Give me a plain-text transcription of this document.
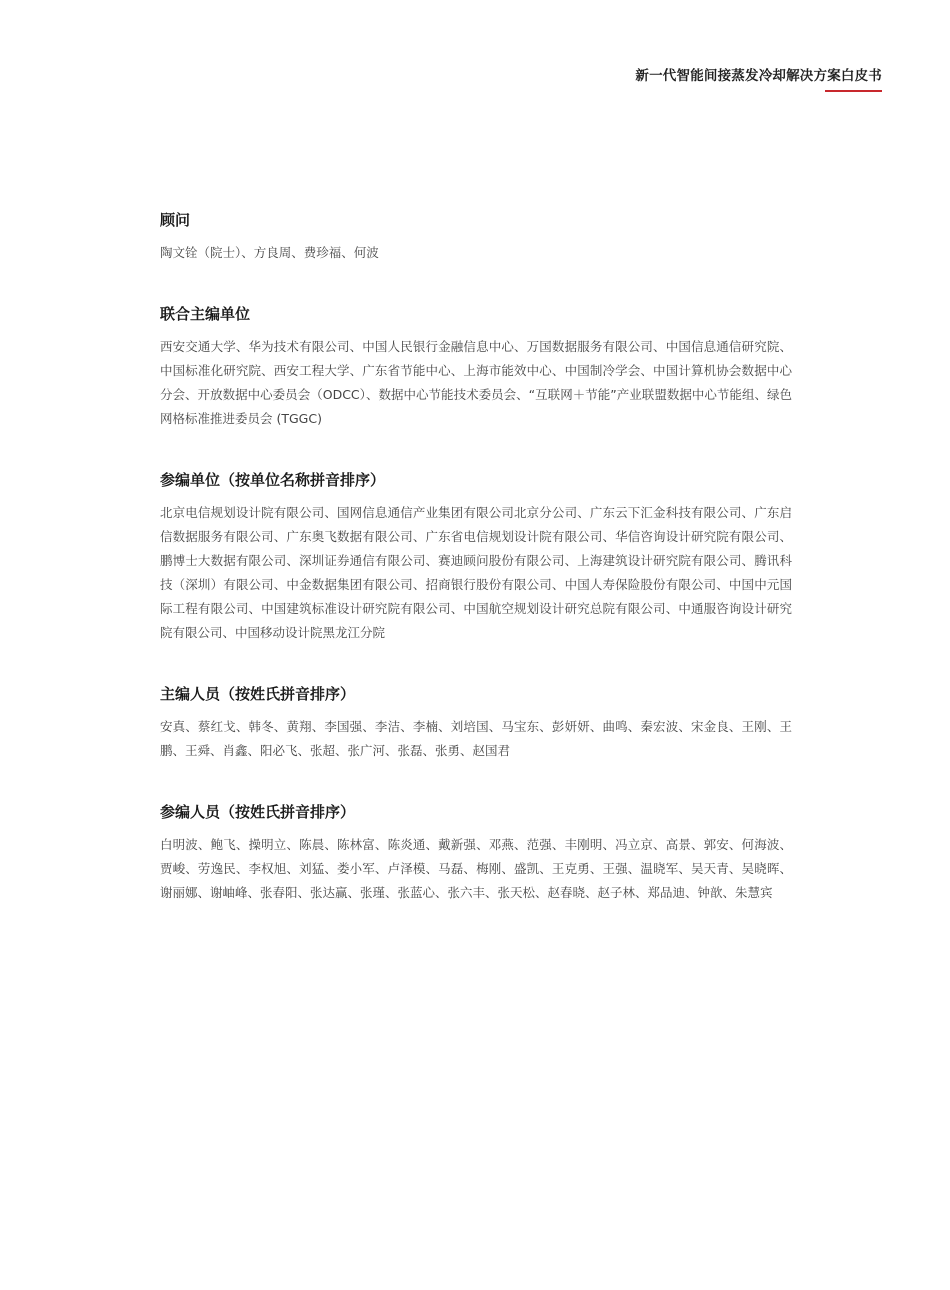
新一代智能间接蒸发冷却解决方案白皮书
顾问

陶文铨（院士）、方良周、费珍福、何波

联合主编单位

西安交通大学、华为技术有限公司、中国人民银行金融信息中心、万国数据服务有限公司、中国信息通信研究院、中国标准化研究院、西安工程大学、广东省节能中心、上海市能效中心、中国制冷学会、中国计算机协会数据中心分会、开放数据中心委员会（ODCC）、数据中心节能技术委员会、“互联网＋节能”产业联盟数据中心节能组、绿色网格标准推进委员会 (TGGC)

参编单位（按单位名称拼音排序）

北京电信规划设计院有限公司、国网信息通信产业集团有限公司北京分公司、广东云下汇金科技有限公司、广东启信数据服务有限公司、广东奥飞数据有限公司、广东省电信规划设计院有限公司、华信咨询设计研究院有限公司、鹏博士大数据有限公司、深圳证券通信有限公司、赛迪顾问股份有限公司、上海建筑设计研究院有限公司、腾讯科技（深圳）有限公司、中金数据集团有限公司、招商银行股份有限公司、中国人寿保险股份有限公司、中国中元国际工程有限公司、中国建筑标准设计研究院有限公司、中国航空规划设计研究总院有限公司、中通服咨询设计研究院有限公司、中国移动设计院黑龙江分院

主编人员（按姓氏拼音排序）

安真、蔡红戈、韩冬、黄翔、李国强、李洁、李楠、刘培国、马宝东、彭妍妍、曲鸣、秦宏波、宋金良、王刚、王鹏、王舜、肖鑫、阳必飞、张超、张广河、张磊、张勇、赵国君

参编人员（按姓氏拼音排序）

白明波、鲍飞、操明立、陈晨、陈林富、陈炎通、戴新强、邓燕、范强、丰刚明、冯立京、高景、郭安、何海波、贾峻、劳逸民、李权旭、刘猛、娄小军、卢泽模、马磊、梅刚、盛凯、王克勇、王强、温晓军、吴天青、吴晓晖、谢丽娜、谢岫峰、张春阳、张达赢、张瑾、张蓝心、张六丰、张天松、赵春晓、赵子林、郑品迪、钟歆、朱慧宾
